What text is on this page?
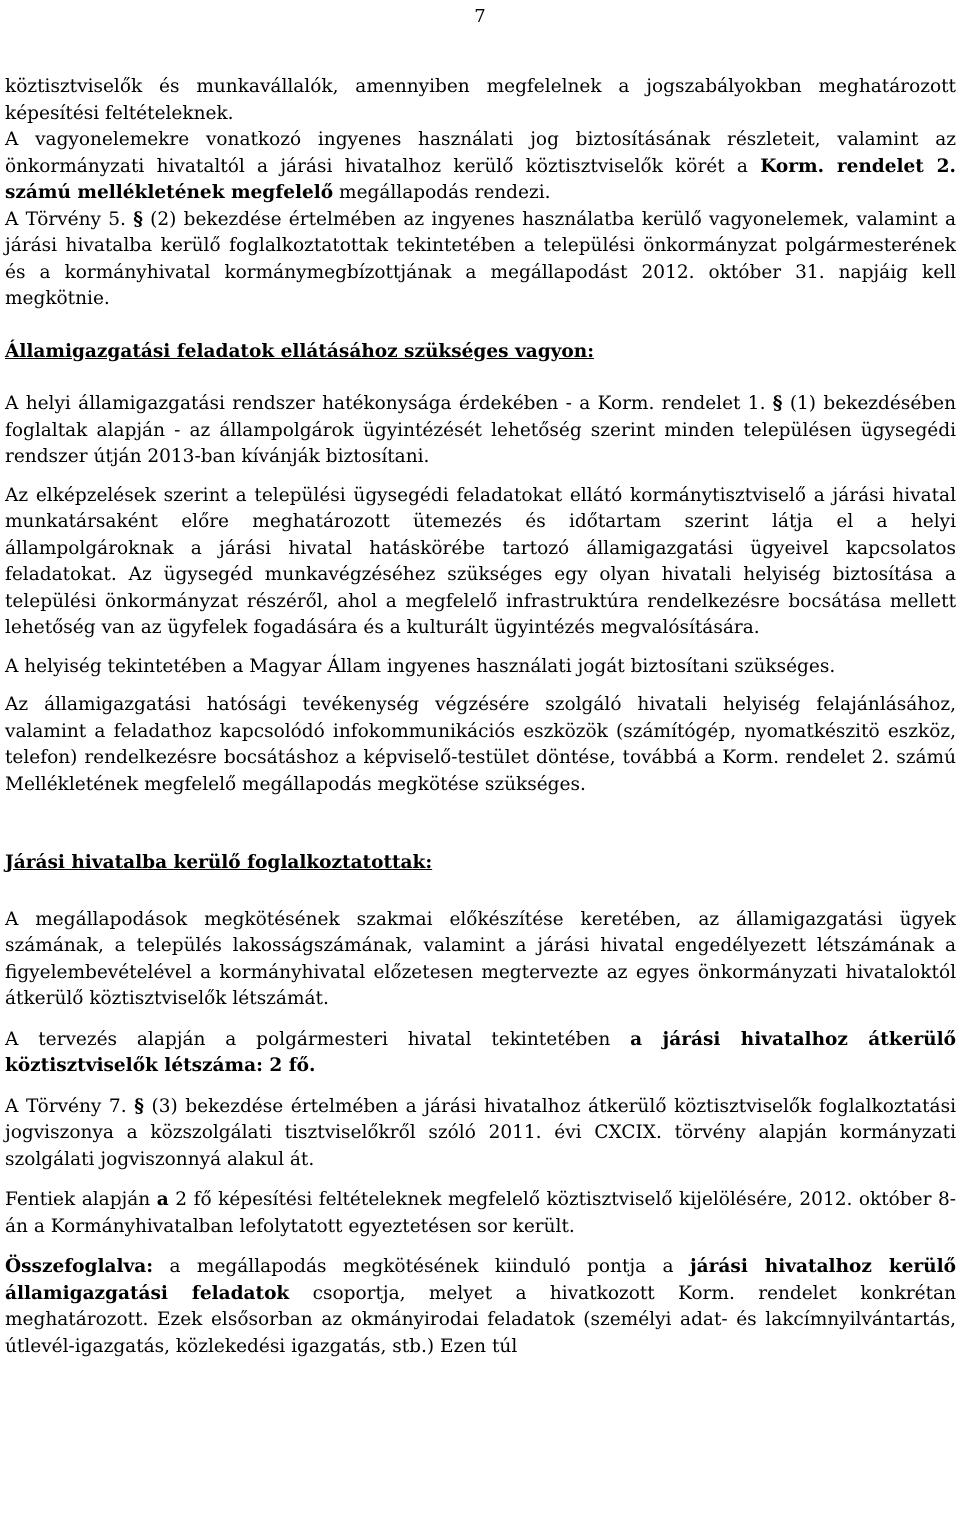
7

köztisztviselők és munkavállalók, amennyiben megfelelnek a jogszabályokban meghatározott képesítési feltételeknek.

A vagyonelemekre vonatkozó ingyenes használati jog biztosításának részleteit, valamint az önkormányzati hivataltól a járási hivatalhoz kerülő köztisztviselők körét a Korm. rendelet 2. számú mellékletének megfelelő megállapodás rendezi.

A Törvény 5. § (2) bekezdése értelmében az ingyenes használatba kerülő vagyonelemek, valamint a járási hivatalba kerülő foglalkoztatottak tekintetében a települési önkormányzat polgármesterének és a kormányhivatal kormánymegbízottjának a megállapodást 2012. október 31. napjáig kell megkötnie.

Államigazgatási feladatok ellátásához szükséges vagyon:

A helyi államigazgatási rendszer hatékonysága érdekében - a Korm. rendelet 1. § (1) bekezdésében foglaltak alapján - az állampolgárok ügyintézését lehetőség szerint minden településen ügysegédi rendszer útján 2013-ban kívánják biztosítani.

Az elképzelések szerint a települési ügysegédi feladatokat ellátó kormánytisztviselő a járási hivatal munkatársaként előre meghatározott ütemezés és időtartam szerint látja el a helyi állampolgároknak a járási hivatal hatáskörébe tartozó államigazgatási ügyeivel kapcsolatos feladatokat. Az ügysegéd munkavégzéséhez szükséges egy olyan hivatali helyiség biztosítása a települési önkormányzat részéről, ahol a megfelelő infrastruktúra rendelkezésre bocsátása mellett lehetőség van az ügyfelek fogadására és a kulturált ügyintézés megvalósítására.

A helyiség tekintetében a Magyar Állam ingyenes használati jogát biztosítani szükséges.

Az államigazgatási hatósági tevékenység végzésére szolgáló hivatali helyiség felajánlásához, valamint a feladathoz kapcsolódó infokommunikációs eszközök (számítógép, nyomatkészitö eszköz, telefon) rendelkezésre bocsátáshoz a képviselő-testület döntése, továbbá a Korm. rendelet 2. számú Mellékletének megfelelő megállapodás megkötése szükséges.

Járási hivatalba kerülő foglalkoztatottak:

A megállapodások megkötésének szakmai előkészítése keretében, az államigazgatási ügyek számának, a település lakosságszámának, valamint a járási hivatal engedélyezett létszámának a figyelembevételével a kormányhivatal előzetesen megtervezte az egyes önkormányzati hivataloktól átkerülő köztisztviselők létszámát.

A tervezés alapján a polgármesteri hivatal tekintetében a járási hivatalhoz átkerülő köztisztviselők létszáma: 2 fő.

A Törvény 7. § (3) bekezdése értelmében a járási hivatalhoz átkerülő köztisztviselők foglalkoztatási jogviszonya a közszolgálati tisztviselőkről szóló 2011. évi CXCIX. törvény alapján kormányzati szolgálati jogviszonnyá alakul át.

Fentiek alapján a 2 fő képesítési feltételeknek megfelelő köztisztviselő kijelölésére, 2012. október 8-án a Kormányhivatalban lefolytatott egyeztetésen sor került.

Összefoglalva: a megállapodás megkötésének kiinduló pontja a járási hivatalhoz kerülő államigazgatási feladatok csoportja, melyet a hivatkozott Korm. rendelet konkrétan meghatározott. Ezek elsősorban az okmányirodai feladatok (személyi adat- és lakcímnyilvántartás, útlevél-igazgatás, közlekedési igazgatás, stb.) Ezen túl
